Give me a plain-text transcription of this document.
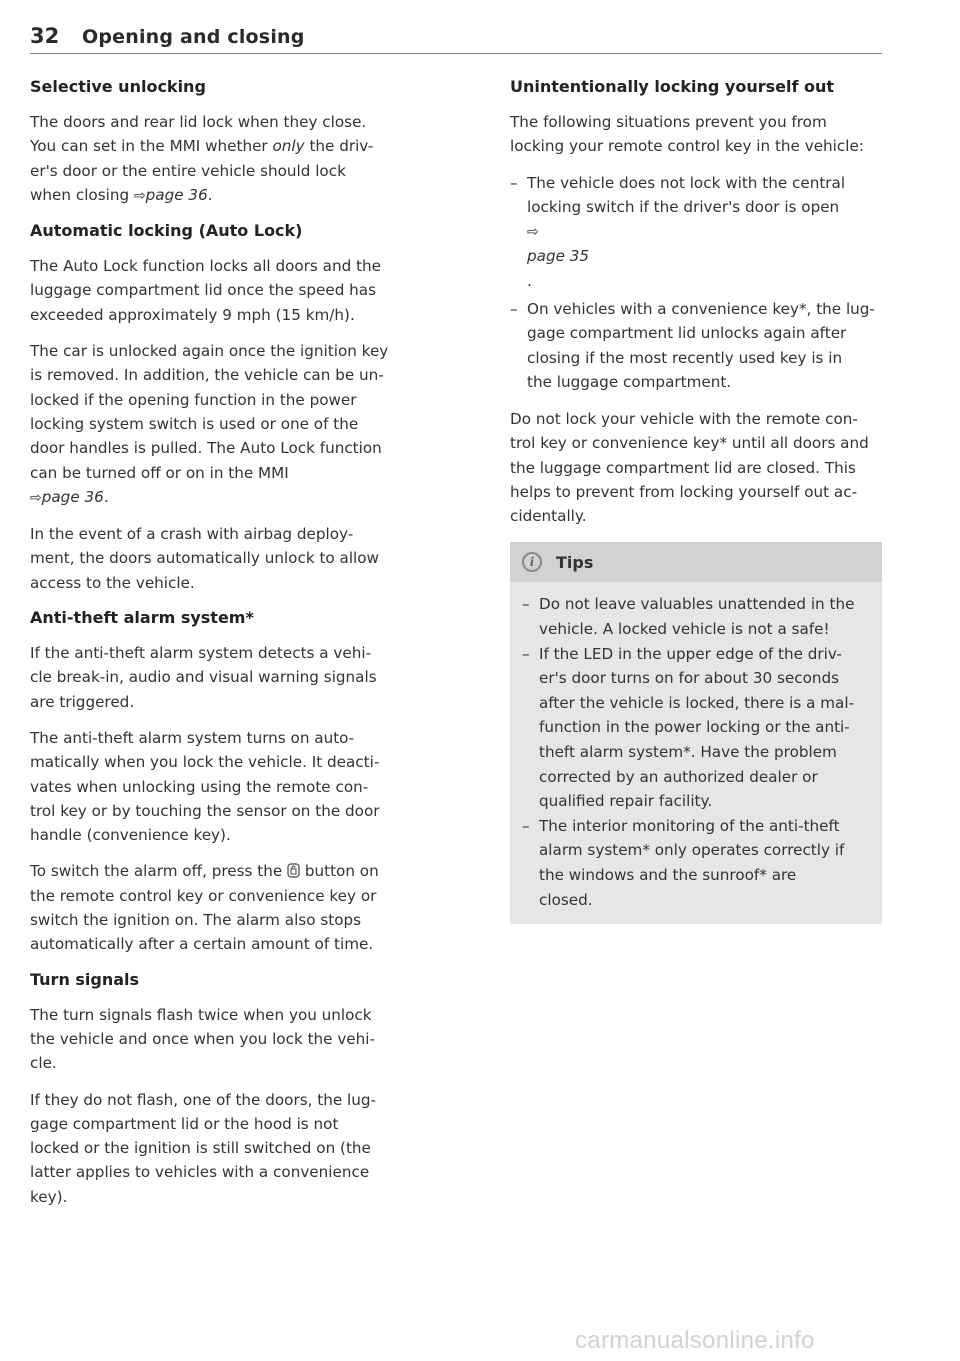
32 Opening and closing
Selective unlocking

The doors and rear lid lock when they close.
You can set in the MMI whether only the driv-
er's door or the entire vehicle should lock
when closing ⇨page 36.

Automatic locking (Auto Lock)

The Auto Lock function locks all doors and the
luggage compartment lid once the speed has
exceeded approximately 9 mph (15 km/h).

The car is unlocked again once the ignition key
is removed. In addition, the vehicle can be un-
locked if the opening function in the power
locking system switch is used or one of the
door handles is pulled. The Auto Lock function
can be turned off or on in the MMI
⇨page 36.

In the event of a crash with airbag deploy-
ment, the doors automatically unlock to allow
access to the vehicle.

Anti-theft alarm system*

If the anti-theft alarm system detects a vehi-
cle break-in, audio and visual warning signals
are triggered.

The anti-theft alarm system turns on auto-
matically when you lock the vehicle. It deacti-
vates when unlocking using the remote con-
trol key or by touching the sensor on the door
handle (convenience key).

To switch the alarm off, press the  button on
the remote control key or convenience key or
switch the ignition on. The alarm also stops
automatically after a certain amount of time.

Turn signals

The turn signals flash twice when you unlock
the vehicle and once when you lock the vehi-
cle.

If they do not flash, one of the doors, the lug-
gage compartment lid or the hood is not
locked or the ignition is still switched on (the
latter applies to vehicles with a convenience
key).

Unintentionally locking yourself out

The following situations prevent you from
locking your remote control key in the vehicle:

– The vehicle does not lock with the central
locking switch if the driver's door is open
⇨
page 35
.
– On vehicles with a convenience key*, the lug-
gage compartment lid unlocks again after
closing if the most recently used key is in
the luggage compartment.

Do not lock your vehicle with the remote con-
trol key or convenience key* until all doors and
the luggage compartment lid are closed. This
helps to prevent from locking yourself out ac-
cidentally.

i	Tips
– Do not leave valuables unattended in the
vehicle. A locked vehicle is not a safe!
– If the LED in the upper edge of the driv-
er's door turns on for about 30 seconds
after the vehicle is locked, there is a mal-
function in the power locking or the anti-
theft alarm system*. Have the problem
corrected by an authorized dealer or
qualified repair facility.
– The interior monitoring of the anti-theft
alarm system* only operates correctly if
the windows and the sunroof* are
closed.
carmanualsonline.info
